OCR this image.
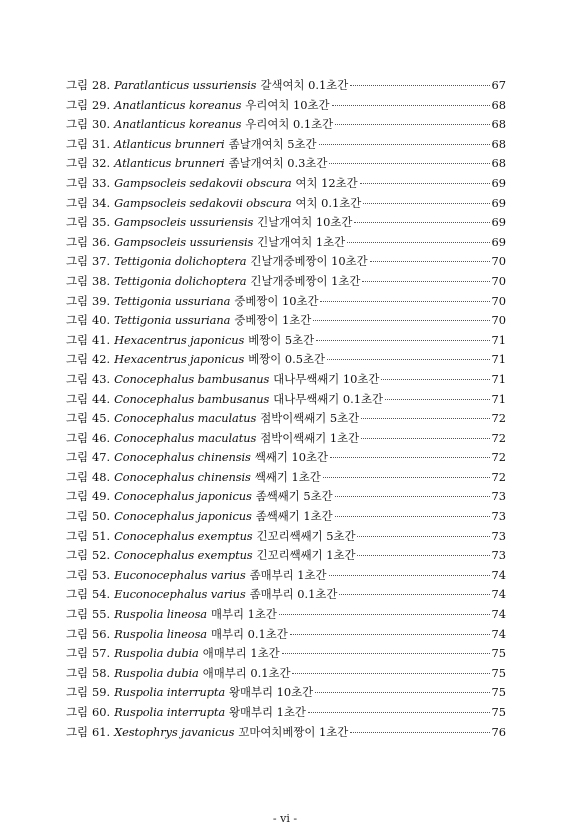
그림 28. Paratlanticus ussuriensis 갈색여치 0.1초간	67
그림 29. Anatlanticus koreanus 우리여치 10초간	68
그림 30. Anatlanticus koreanus 우리여치 0.1초간	68
그림 31. Atlanticus brunneri 좀날개여치 5초간	68
그림 32. Atlanticus brunneri 좀날개여치 0.3초간	68
그림 33. Gampsocleis sedakovii obscura 여치 12초간	69
그림 34. Gampsocleis sedakovii obscura 여치 0.1초간	69
그림 35. Gampsocleis ussuriensis 긴날개여치 10초간	69
그림 36. Gampsocleis ussuriensis 긴날개여치 1초간	69
그림 37. Tettigonia dolichoptera 긴날개중베짱이 10초간	70
그림 38. Tettigonia dolichoptera 긴날개중베짱이 1초간	70
그림 39. Tettigonia ussuriana 중베짱이 10초간	70
그림 40. Tettigonia ussuriana 중베짱이 1초간	70
그림 41. Hexacentrus japonicus 베짱이 5초간	71
그림 42. Hexacentrus japonicus 베짱이 0.5초간	71
그림 43. Conocephalus bambusanus 대나무쌕쌔기 10초간	71
그림 44. Conocephalus bambusanus 대나무쌕쌔기 0.1초간	71
그림 45. Conocephalus maculatus 점박이쌕쌔기 5초간	72
그림 46. Conocephalus maculatus 점박이쌕쌔기 1초간	72
그림 47. Conocephalus chinensis 쌕쌔기 10초간	72
그림 48. Conocephalus chinensis 쌕쌔기 1초간	72
그림 49. Conocephalus japonicus 좀쌕쌔기 5초간	73
그림 50. Conocephalus japonicus 좀쌕쌔기 1초간	73
그림 51. Conocephalus exemptus 긴꼬리쌕쌔기 5초간	73
그림 52. Conocephalus exemptus 긴꼬리쌕쌔기 1초간	73
그림 53. Euconocephalus varius 좀매부리 1초간	74
그림 54. Euconocephalus varius 좀매부리 0.1초간	74
그림 55. Ruspolia lineosa 매부리 1초간	74
그림 56. Ruspolia lineosa 매부리 0.1초간	74
그림 57. Ruspolia dubia 애매부리 1초간	75
그림 58. Ruspolia dubia 애매부리 0.1초간	75
그림 59. Ruspolia interrupta 왕매부리 10초간	75
그림 60. Ruspolia interrupta 왕매부리 1초간	75
그림 61. Xestophrys javanicus 꼬마여치베짱이 1초간	76
- vi -
